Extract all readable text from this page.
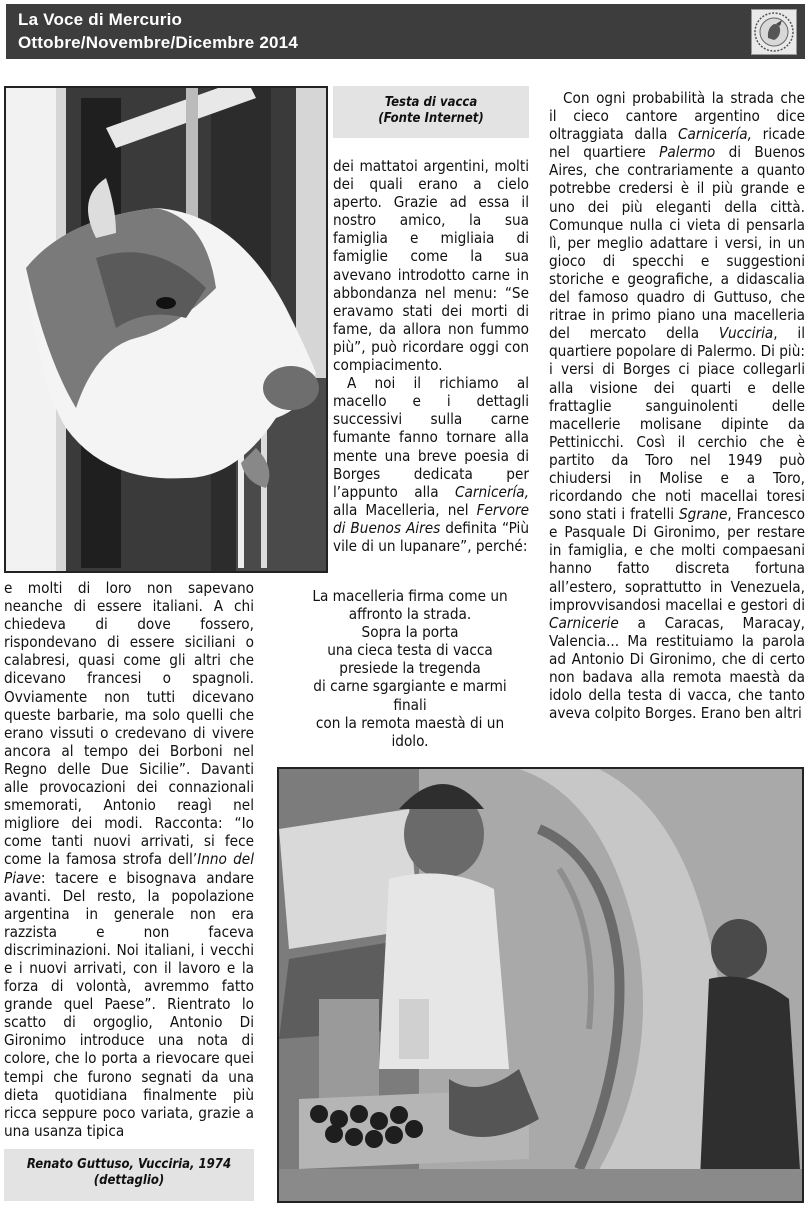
La Voce di Mercurio
Ottobre/Novembre/Dicembre 2014
Testa di vacca
(Fonte Internet)

dei mattatoi argentini, molti dei quali erano a cielo aperto. Grazie ad essa il nostro amico, la sua famiglia e migliaia di famiglie come la sua avevano introdotto carne in abbondanza nel menu: “Se eravamo stati dei morti di fame, da allora non fummo più”, può ricordare oggi con compiacimento.

A noi il richiamo al macello e i dettagli successivi sulla carne fumante fanno tornare alla mente una breve poesia di Borges dedicata per l’appunto alla Carnicería, alla Macelleria, nel Fervore di Buenos Aires definita “Più vile di un lupanare”, perché:

La macelleria firma come un
affronto la strada.
Sopra la porta
una cieca testa di vacca
presiede la tregenda
di carne sgargiante e marmi
finali
con la remota maestà di un
idolo.

e molti di loro non sapevano neanche di essere italiani. A chi chiedeva di dove fossero, rispondevano di essere siciliani o calabresi, quasi come gli altri che dicevano francesi o spagnoli. Ovviamente non tutti dicevano queste barbarie, ma solo quelli che erano vissuti o credevano di vivere ancora al tempo dei Borboni nel Regno delle Due Sicilie”. Davanti alle provocazioni dei connazionali smemorati, Antonio reagì nel migliore dei modi. Racconta: “Io come tanti nuovi arrivati, si fece come la famosa strofa dell’Inno del Piave: tacere e bisognava andare avanti. Del resto, la popolazione argentina in generale non era razzista e non faceva discriminazioni. Noi italiani, i vecchi e i nuovi arrivati, con il lavoro e la forza di volontà, avremmo fatto grande quel Paese”. Rientrato lo scatto di orgoglio, Antonio Di Gironimo introduce una nota di colore, che lo porta a rievocare quei tempi che furono segnati da una dieta quotidiana finalmente più ricca seppure poco variata, grazie a una usanza tipica

Con ogni probabilità la strada che il cieco cantore argentino dice oltraggiata dalla Carnicería, ricade nel quartiere Palermo di Buenos Aires, che contrariamente a quanto potrebbe credersi è il più grande e uno dei più eleganti della città. Comunque nulla ci vieta di pensarla lì, per meglio adattare i versi, in un gioco di specchi e suggestioni storiche e geografiche, a didascalia del famoso quadro di Guttuso, che ritrae in primo piano una macelleria del mercato della Vucciria, il quartiere popolare di Palermo. Di più: i versi di Borges ci piace collegarli alla visione dei quarti e delle frattaglie sanguinolenti delle macellerie molisane dipinte da Pettinicchi. Così il cerchio che è partito da Toro nel 1949 può chiudersi in Molise e a Toro, ricordando che noti macellai toresi sono stati i fratelli Sgrane, Francesco e Pasquale Di Gironimo, per restare in famiglia, e che molti compaesani hanno fatto discreta fortuna all’estero, soprattutto in Venezuela, improvvisandosi macellai e gestori di Carnicerie a Caracas, Maracay, Valencia... Ma restituiamo la parola ad Antonio Di Gironimo, che di certo non badava alla remota maestà da idolo della testa di vacca, che tanto aveva colpito Borges. Erano ben altri

Renato Guttuso, Vucciria, 1974
(dettaglio)
